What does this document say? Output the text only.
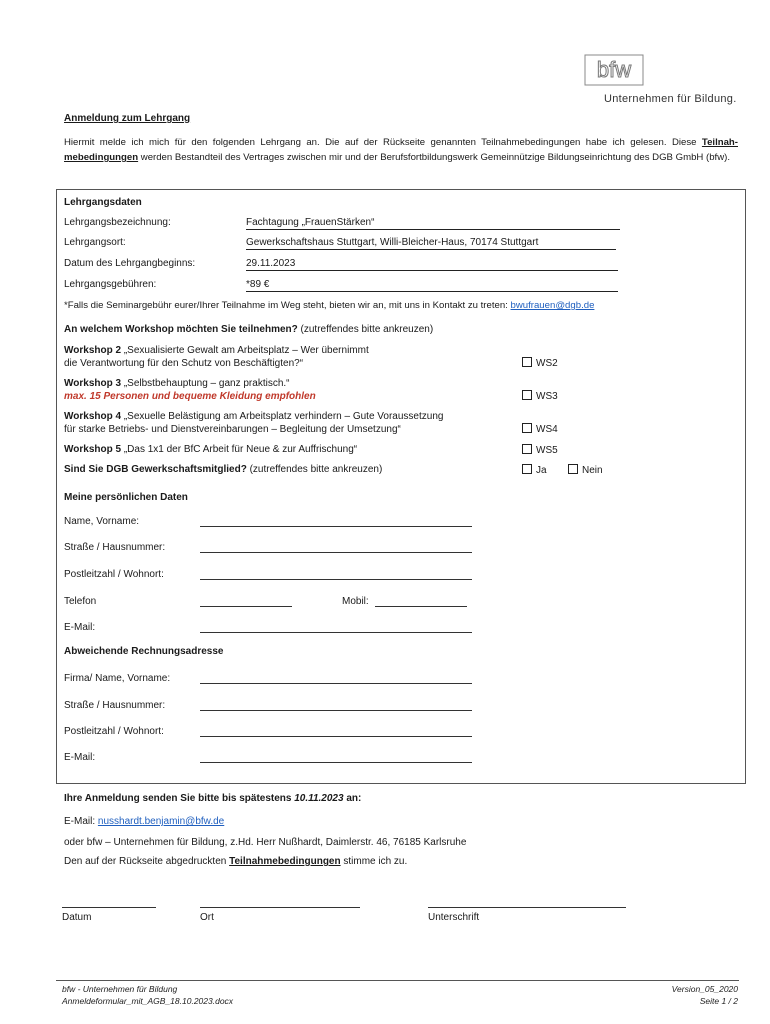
bfw
Unternehmen für Bildung.
Anmeldung zum Lehrgang
Hiermit melde ich mich für den folgenden Lehrgang an. Die auf der Rückseite genannten Teilnahmebedingungen habe ich gelesen. Diese Teilnah-mebedingungen werden Bestandteil des Vertrages zwischen mir und der Berufsfortbildungswerk Gemeinnützige Bildungseinrichtung des DGB GmbH (bfw).
Lehrgangsdaten
Lehrgangsbezeichnung:	Fachtagung „FrauenStärken“
Lehrgangsort:	Gewerkschaftshaus Stuttgart, Willi-Bleicher-Haus, 70174 Stuttgart
Datum des Lehrgangbeginns:	29.11.2023
Lehrgangsgebühren:	*89 €
*Falls die Seminargebühr eurer/Ihrer Teilnahme im Weg steht, bieten wir an, mit uns in Kontakt zu treten: bwufrauen@dgb.de
An welchem Workshop möchten Sie teilnehmen? (zutreffendes bitte ankreuzen)
Workshop 2 „Sexualisierte Gewalt am Arbeitsplatz – Wer übernimmt
die Verantwortung für den Schutz von Beschäftigten?“	WS2
Workshop 3 „Selbstbehauptung – ganz praktisch.“
max. 15 Personen und bequeme Kleidung empfohlen	WS3
Workshop 4 „Sexuelle Belästigung am Arbeitsplatz verhindern – Gute Voraussetzung
für starke Betriebs- und Dienstvereinbarungen – Begleitung der Umsetzung“	WS4
Workshop 5 „Das 1x1 der BfC Arbeit für Neue & zur Auffrischung“	WS5
Sind Sie DGB Gewerkschaftsmitglied? (zutreffendes bitte ankreuzen)	Ja	Nein
Meine persönlichen Daten
Name, Vorname:
Straße / Hausnummer:
Postleitzahl / Wohnort:
Telefon	Mobil:
E-Mail:
Abweichende Rechnungsadresse
Firma/ Name, Vorname:
Straße / Hausnummer:
Postleitzahl / Wohnort:
E-Mail:
Ihre Anmeldung senden Sie bitte bis spätestens 10.11.2023 an:
E-Mail: nusshardt.benjamin@bfw.de
oder bfw – Unternehmen für Bildung, z.Hd. Herr Nußhardt, Daimlerstr. 46, 76185 Karlsruhe
Den auf der Rückseite abgedruckten Teilnahmebedingungen stimme ich zu.
Datum	Ort	Unterschrift
bfw - Unternehmen für Bildung
Anmeldeformular_mit_AGB_18.10.2023.docx
Version_05_2020
Seite 1 / 2
